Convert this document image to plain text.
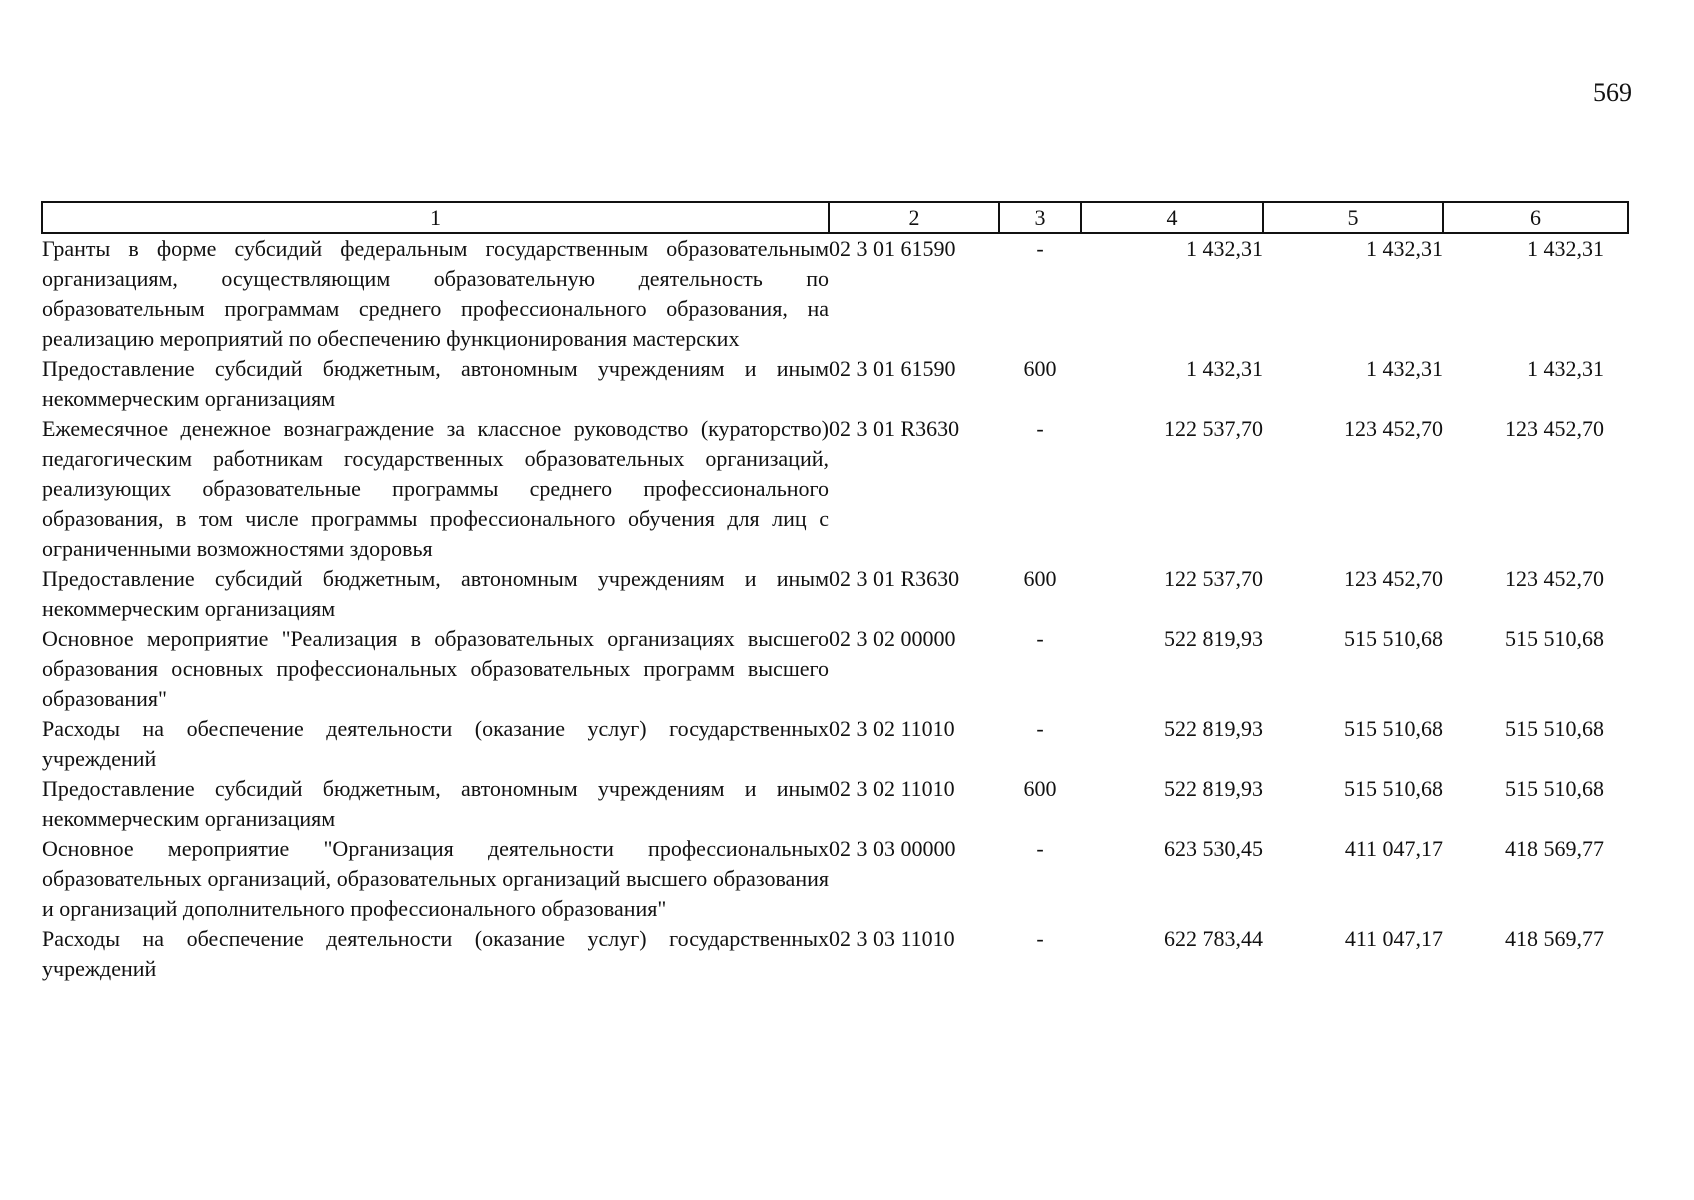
569
1	2	3	4	5	6
Гранты в форме субсидий федеральным государственным образовательным организациям, осуществляющим образовательную деятельность по образовательным программам среднего профессионального образования, на реализацию мероприятий по обеспечению функционирования мастерских	02 3 01 61590	-	1 432,31	1 432,31	1 432,31
Предоставление субсидий бюджетным, автономным учреждениям и иным некоммерческим организациям	02 3 01 61590	600	1 432,31	1 432,31	1 432,31
Ежемесячное денежное вознаграждение за классное руководство (кураторство) педагогическим работникам государственных образовательных организаций, реализующих образовательные программы среднего профессионального образования, в том числе программы профессионального обучения для лиц с ограниченными возможностями здоровья	02 3 01 R3630	-	122 537,70	123 452,70	123 452,70
Предоставление субсидий бюджетным, автономным учреждениям и иным некоммерческим организациям	02 3 01 R3630	600	122 537,70	123 452,70	123 452,70
Основное мероприятие "Реализация в образовательных организациях высшего образования основных профессиональных образовательных программ высшего образования"	02 3 02 00000	-	522 819,93	515 510,68	515 510,68
Расходы на обеспечение деятельности (оказание услуг) государственных учреждений	02 3 02 11010	-	522 819,93	515 510,68	515 510,68
Предоставление субсидий бюджетным, автономным учреждениям и иным некоммерческим организациям	02 3 02 11010	600	522 819,93	515 510,68	515 510,68
Основное мероприятие "Организация деятельности профессиональных образовательных организаций, образовательных организаций высшего образования и организаций дополнительного профессионального образования"	02 3 03 00000	-	623 530,45	411 047,17	418 569,77
Расходы на обеспечение деятельности (оказание услуг) государственных учреждений	02 3 03 11010	-	622 783,44	411 047,17	418 569,77
